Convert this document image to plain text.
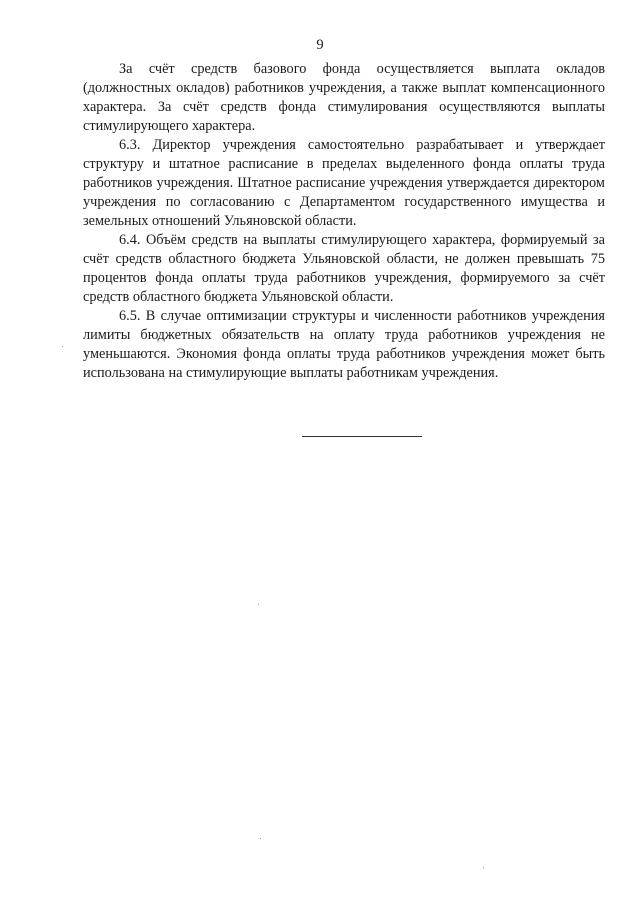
9

За счёт средств базового фонда осуществляется выплата окладов (должностных окладов) работников учреждения, а также выплат компенсационного характера. За счёт средств фонда стимулирования осуществляются выплаты стимулирующего характера.

6.3. Директор учреждения самостоятельно разрабатывает и утверждает структуру и штатное расписание в пределах выделенного фонда оплаты труда работников учреждения. Штатное расписание учреждения утверждается директором учреждения по согласованию с Департаментом государственного имущества и земельных отношений Ульяновской области.

6.4. Объём средств на выплаты стимулирующего характера, формируемый за счёт средств областного бюджета Ульяновской области, не должен превышать 75 процентов фонда оплаты труда работников учреждения, формируемого за счёт средств областного бюджета Ульяновской области.

6.5. В случае оптимизации структуры и численности работников учреждения лимиты бюджетных обязательств на оплату труда работников учреждения не уменьшаются. Экономия фонда оплаты труда работников учреждения может быть использована на стимулирующие выплаты работникам учреждения.
